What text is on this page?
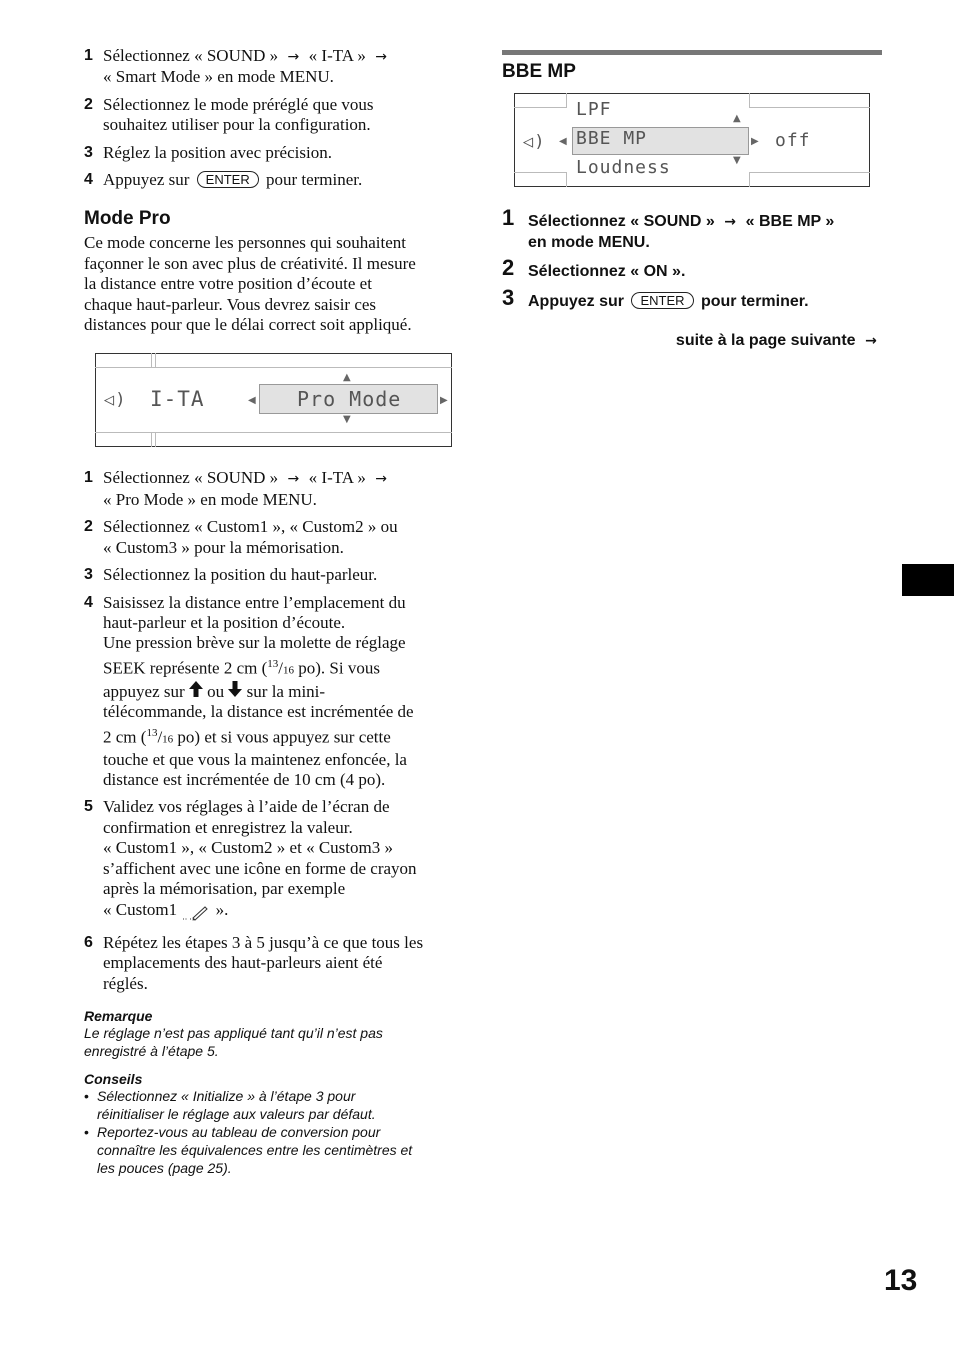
1 Sélectionnez « SOUND » → « I-TA » →
« Smart Mode » en mode MENU.
2 Sélectionnez le mode préréglé que vous
souhaitez utiliser pour la configuration.
3 Réglez la position avec précision.
4 Appuyez sur ENTER pour terminer.
Mode Pro
Ce mode concerne les personnes qui souhaitent
façonner le son avec plus de créativité. Il mesure
la distance entre votre position d’écoute et
chaque haut-parleur. Vous devrez saisir ces
distances pour que le délai correct soit appliqué.
◁) I-TA	◀ Pro Mode	▶
▲
▼
1 Sélectionnez « SOUND » → « I-TA » →
« Pro Mode » en mode MENU.
2 Sélectionnez « Custom1 », « Custom2 » ou
« Custom3 » pour la mémorisation.
3 Sélectionnez la position du haut-parleur.
4 Saisissez la distance entre l’emplacement du
haut-parleur et la position d’écoute.
Une pression brève sur la molette de réglage
SEEK représente 2 cm ($^{13}$/16 po). Si vous
appuyez sur ou sur la mini-
télécommande, la distance est incrémentée de
2 cm ($^{13}$/16 po) et si vous appuyez sur cette
touche et que vous la maintenez enfoncée, la
distance est incrémentée de 10 cm (4 po).
5 Validez vos réglages à l’aide de l’écran de
confirmation et enregistrez la valeur.
« Custom1 », « Custom2 » et « Custom3 »
s’affichent avec une icône en forme de crayon
après la mémorisation, par exemple
« Custom1 ».
6 Répétez les étapes 3 à 5 jusqu’à ce que tous les
emplacements des haut-parleurs aient été
réglés.
Remarque
Le réglage n’est pas appliqué tant qu’il n’est pas
enregistré à l’étape 5.
Conseils
• Sélectionnez « Initialize » à l’étape 3 pour
réinitialiser le réglage aux valeurs par défaut.
• Reportez-vous au tableau de conversion pour
connaître les équivalences entre les centimètres et
les pouces (page 25).
BBE MP
LPF
◁) ◀ BBE MP	▶ off
Loudness
▲
▼
1 Sélectionnez « SOUND » → « BBE MP »
en mode MENU.
2 Sélectionnez « ON ».
3 Appuyez sur ENTER pour terminer.
suite à la page suivante →
13
